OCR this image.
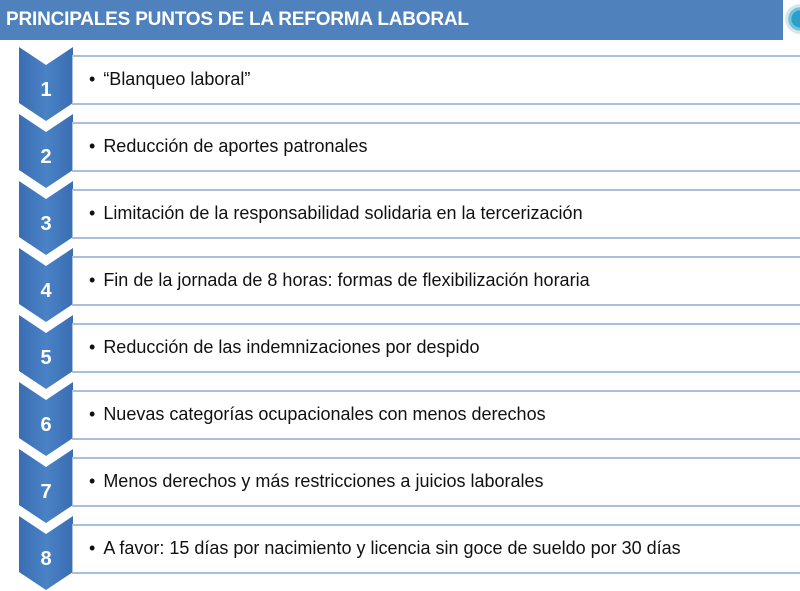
PRINCIPALES PUNTOS DE LA REFORMA LABORAL
1	• “Blanqueo laboral”
2	• Reducción de aportes patronales
3	• Limitación de la responsabilidad solidaria en la tercerización
4	• Fin de la jornada de 8 horas: formas de flexibilización horaria
5	• Reducción de las indemnizaciones por despido
6	• Nuevas categorías ocupacionales con menos derechos
7	• Menos derechos y más restricciones a juicios laborales
8	• A favor: 15 días por nacimiento y licencia sin goce de sueldo por 30 días
